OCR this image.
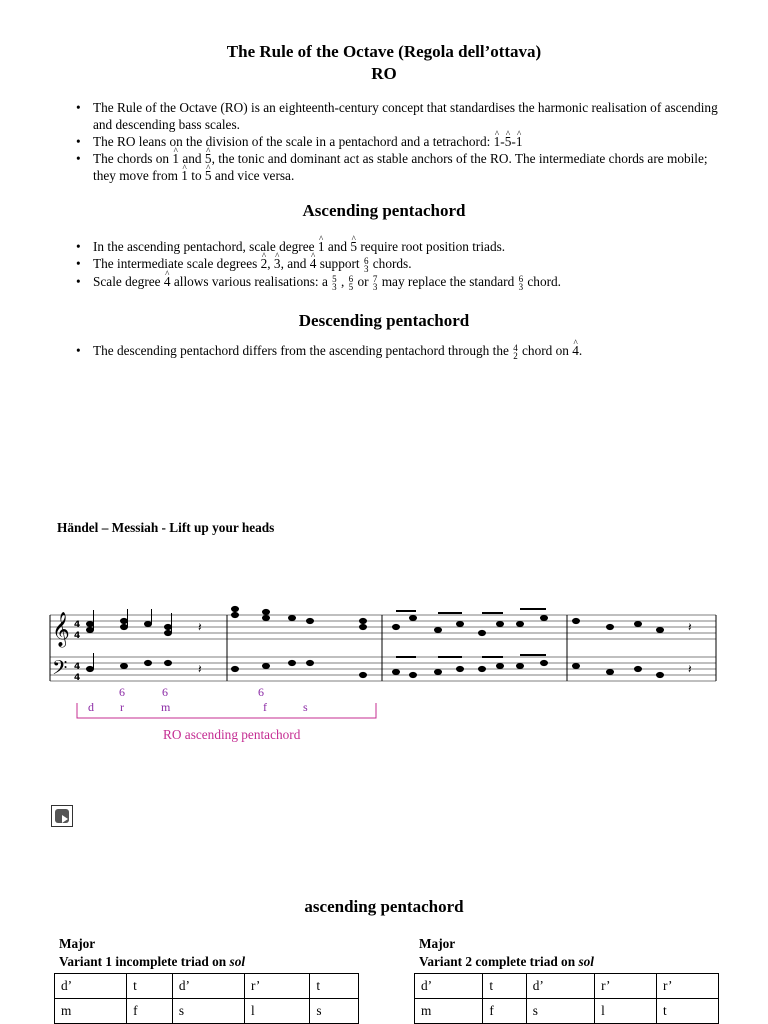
The Rule of the Octave (Regola dell’ottava)
RO
• The Rule of the Octave (RO) is an eighteenth-century concept that standardises the harmonic realisation of ascending and descending bass scales.
• The RO leans on the division of the scale in a pentachord and a tetrachord: 1 ^-5 ^-1 ^
• The chords on 1 ^ and 5 ^, the tonic and dominant act as stable anchors of the RO. The intermediate chords are mobile; they move from 1 ^ to 5 ^ and vice versa.
Ascending pentachord
• In the ascending pentachord, scale degree 1 ^ and 5 ^ require root position triads.
• The intermediate scale degrees 2 ^, 3 ^, and 4 ^ support 6
3 chords.
• Scale degree 4 ^ allows various realisations: a 5
3 , 6
5 or 7
3 may replace the standard 6
3 chord.
Descending pentachord
• The descending pentachord differs from the ascending pentachord through the 4
2 chord on 4 ^.
Händel – Messiah - Lift up your heads
𝄞
𝄢
4
4
4
4
𝄽	𝄽
𝄽	𝄽
6	6	6
d r	m	f	s
RO ascending pentachord
ascending pentachord
Major
Variant 1 incomplete triad on sol
d’	t	d’	r’	t
m	f	s	l	s
Major
Variant 2 complete triad on sol
d’	t	d’	r’	r’
m	f	s	l	t
